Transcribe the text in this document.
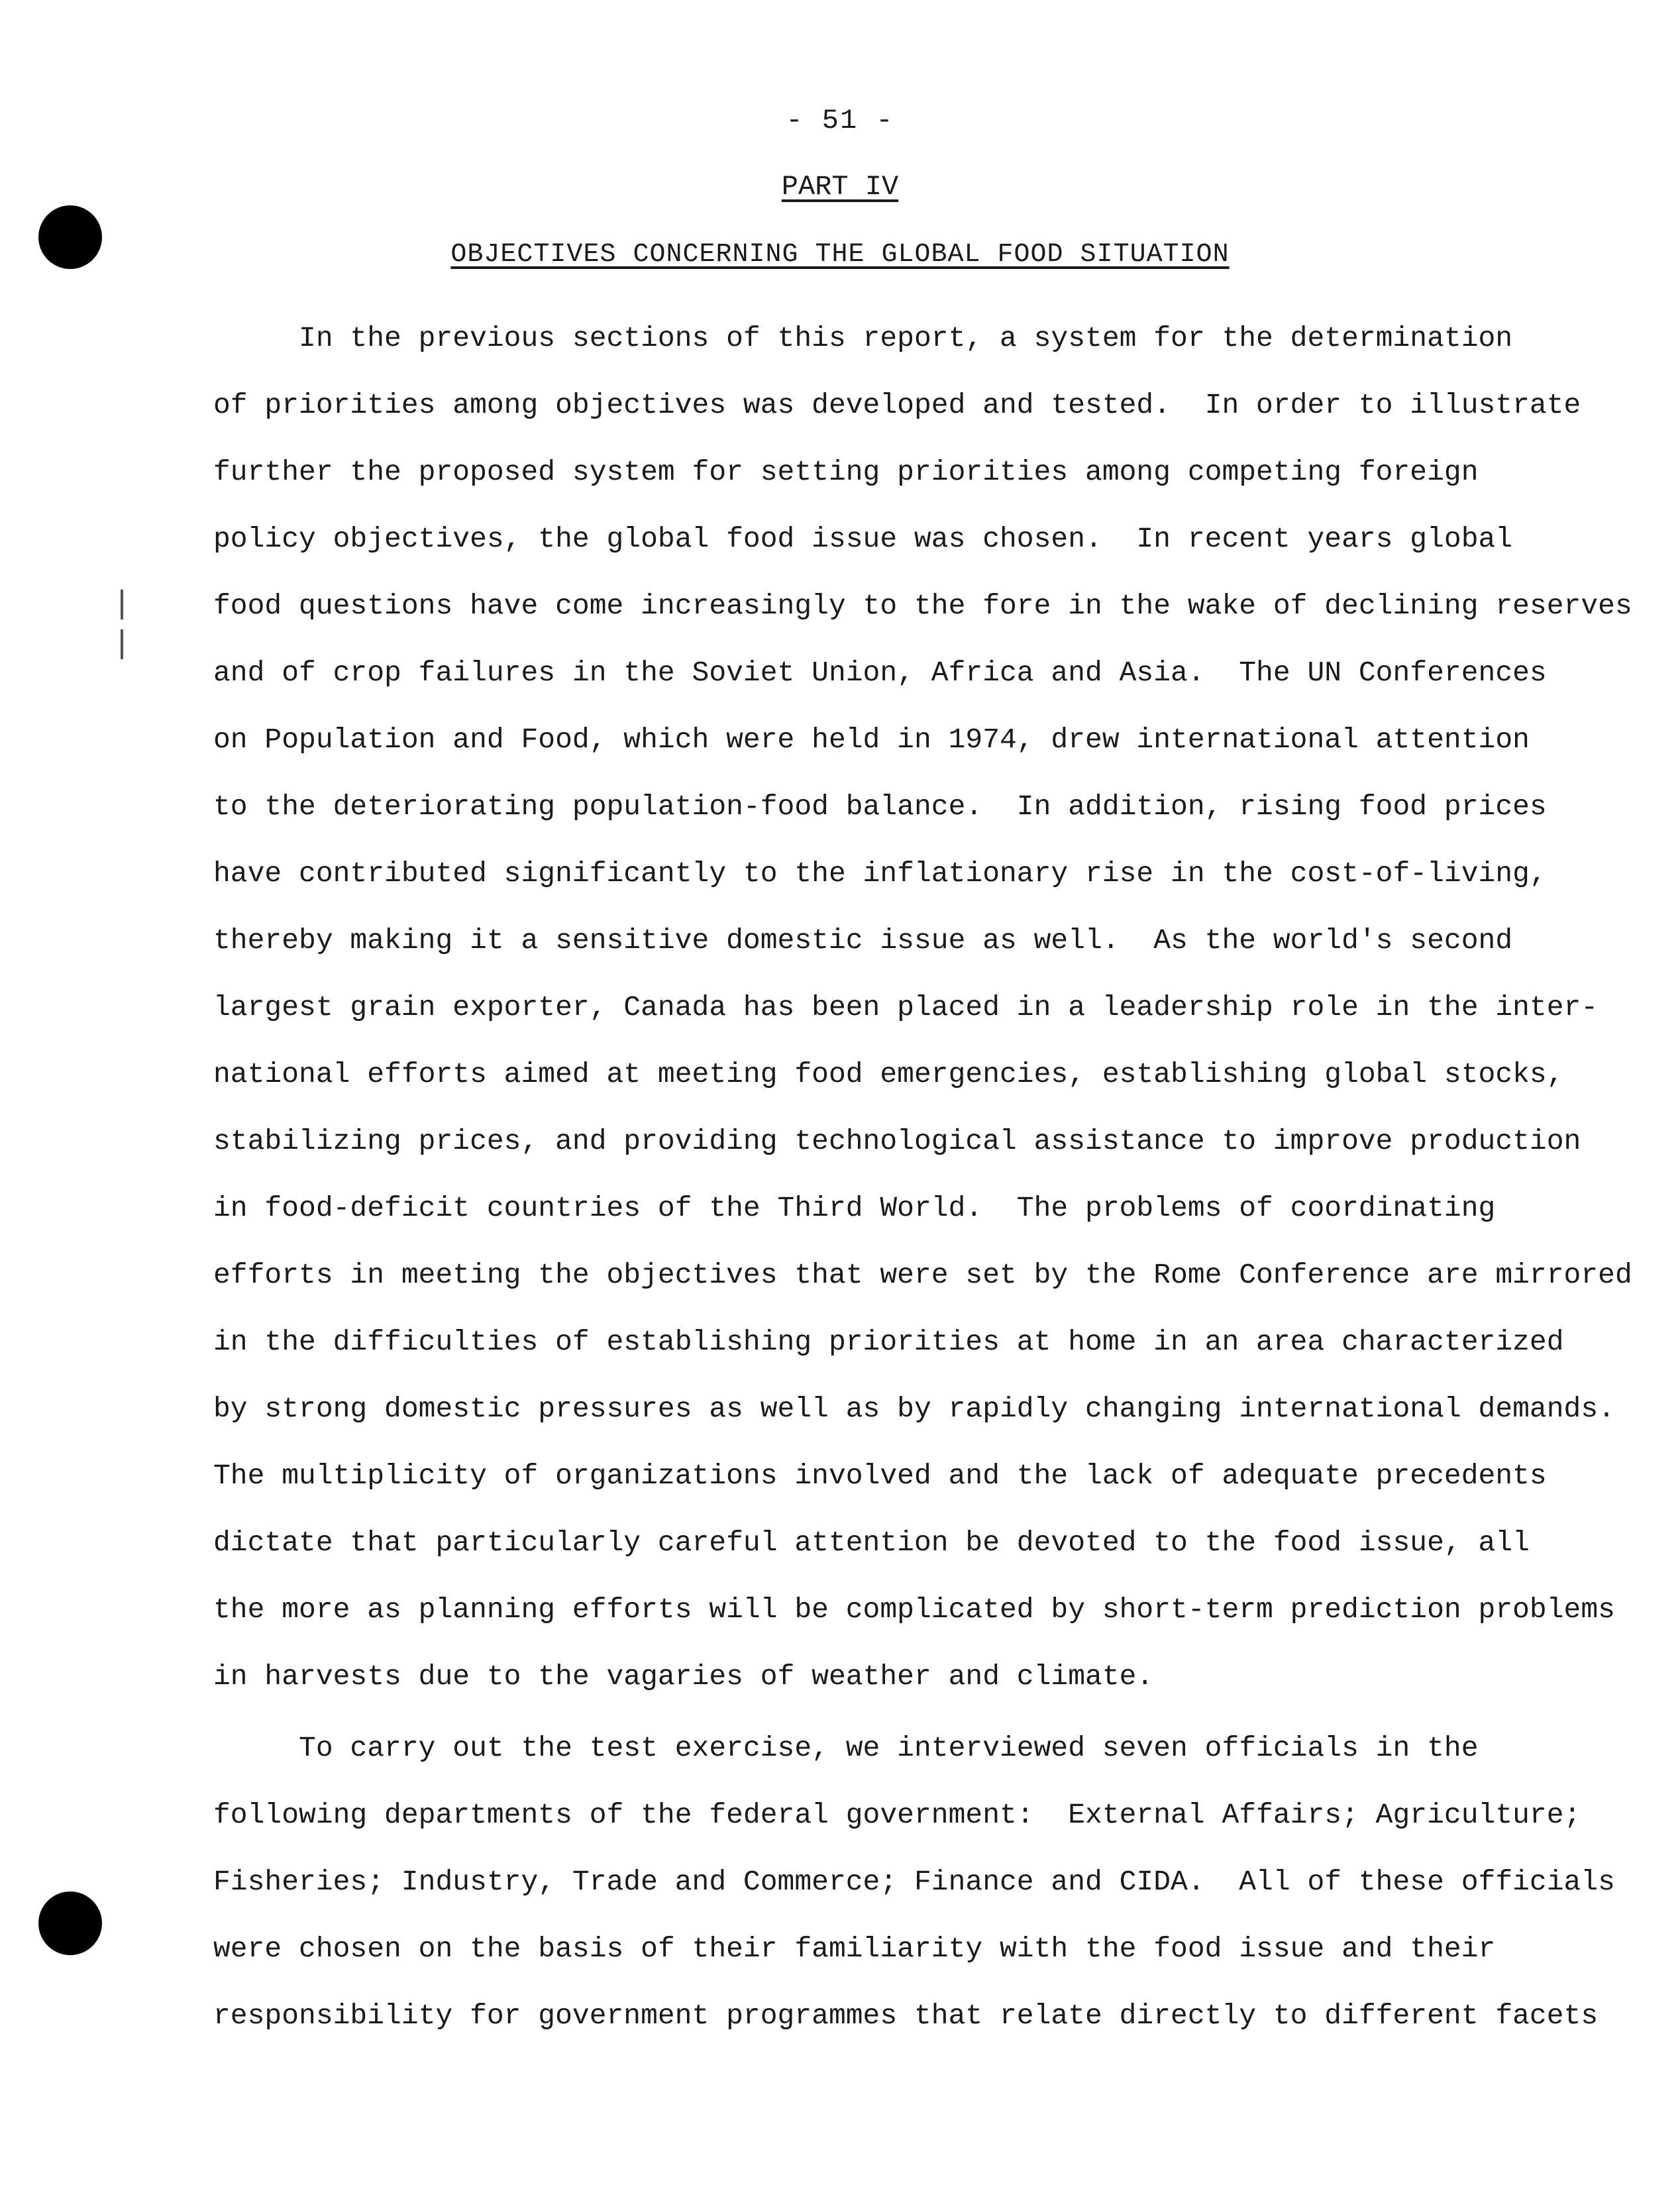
- 51 -
PART IV
OBJECTIVES CONCERNING THE GLOBAL FOOD SITUATION
In the previous sections of this report, a system for the determination
of priorities among objectives was developed and tested.  In order to illustrate
further the proposed system for setting priorities among competing foreign
policy objectives, the global food issue was chosen.  In recent years global
food questions have come increasingly to the fore in the wake of declining reserves
and of crop failures in the Soviet Union, Africa and Asia.  The UN Conferences
on Population and Food, which were held in 1974, drew international attention
to the deteriorating population-food balance.  In addition, rising food prices
have contributed significantly to the inflationary rise in the cost-of-living,
thereby making it a sensitive domestic issue as well.  As the world's second
largest grain exporter, Canada has been placed in a leadership role in the inter-
national efforts aimed at meeting food emergencies, establishing global stocks,
stabilizing prices, and providing technological assistance to improve production
in food-deficit countries of the Third World.  The problems of coordinating
efforts in meeting the objectives that were set by the Rome Conference are mirrored
in the difficulties of establishing priorities at home in an area characterized
by strong domestic pressures as well as by rapidly changing international demands.
The multiplicity of organizations involved and the lack of adequate precedents
dictate that particularly careful attention be devoted to the food issue, all
the more as planning efforts will be complicated by short-term prediction problems
in harvests due to the vagaries of weather and climate.
To carry out the test exercise, we interviewed seven officials in the
following departments of the federal government:  External Affairs; Agriculture;
Fisheries; Industry, Trade and Commerce; Finance and CIDA.  All of these officials
were chosen on the basis of their familiarity with the food issue and their
responsibility for government programmes that relate directly to different facets
